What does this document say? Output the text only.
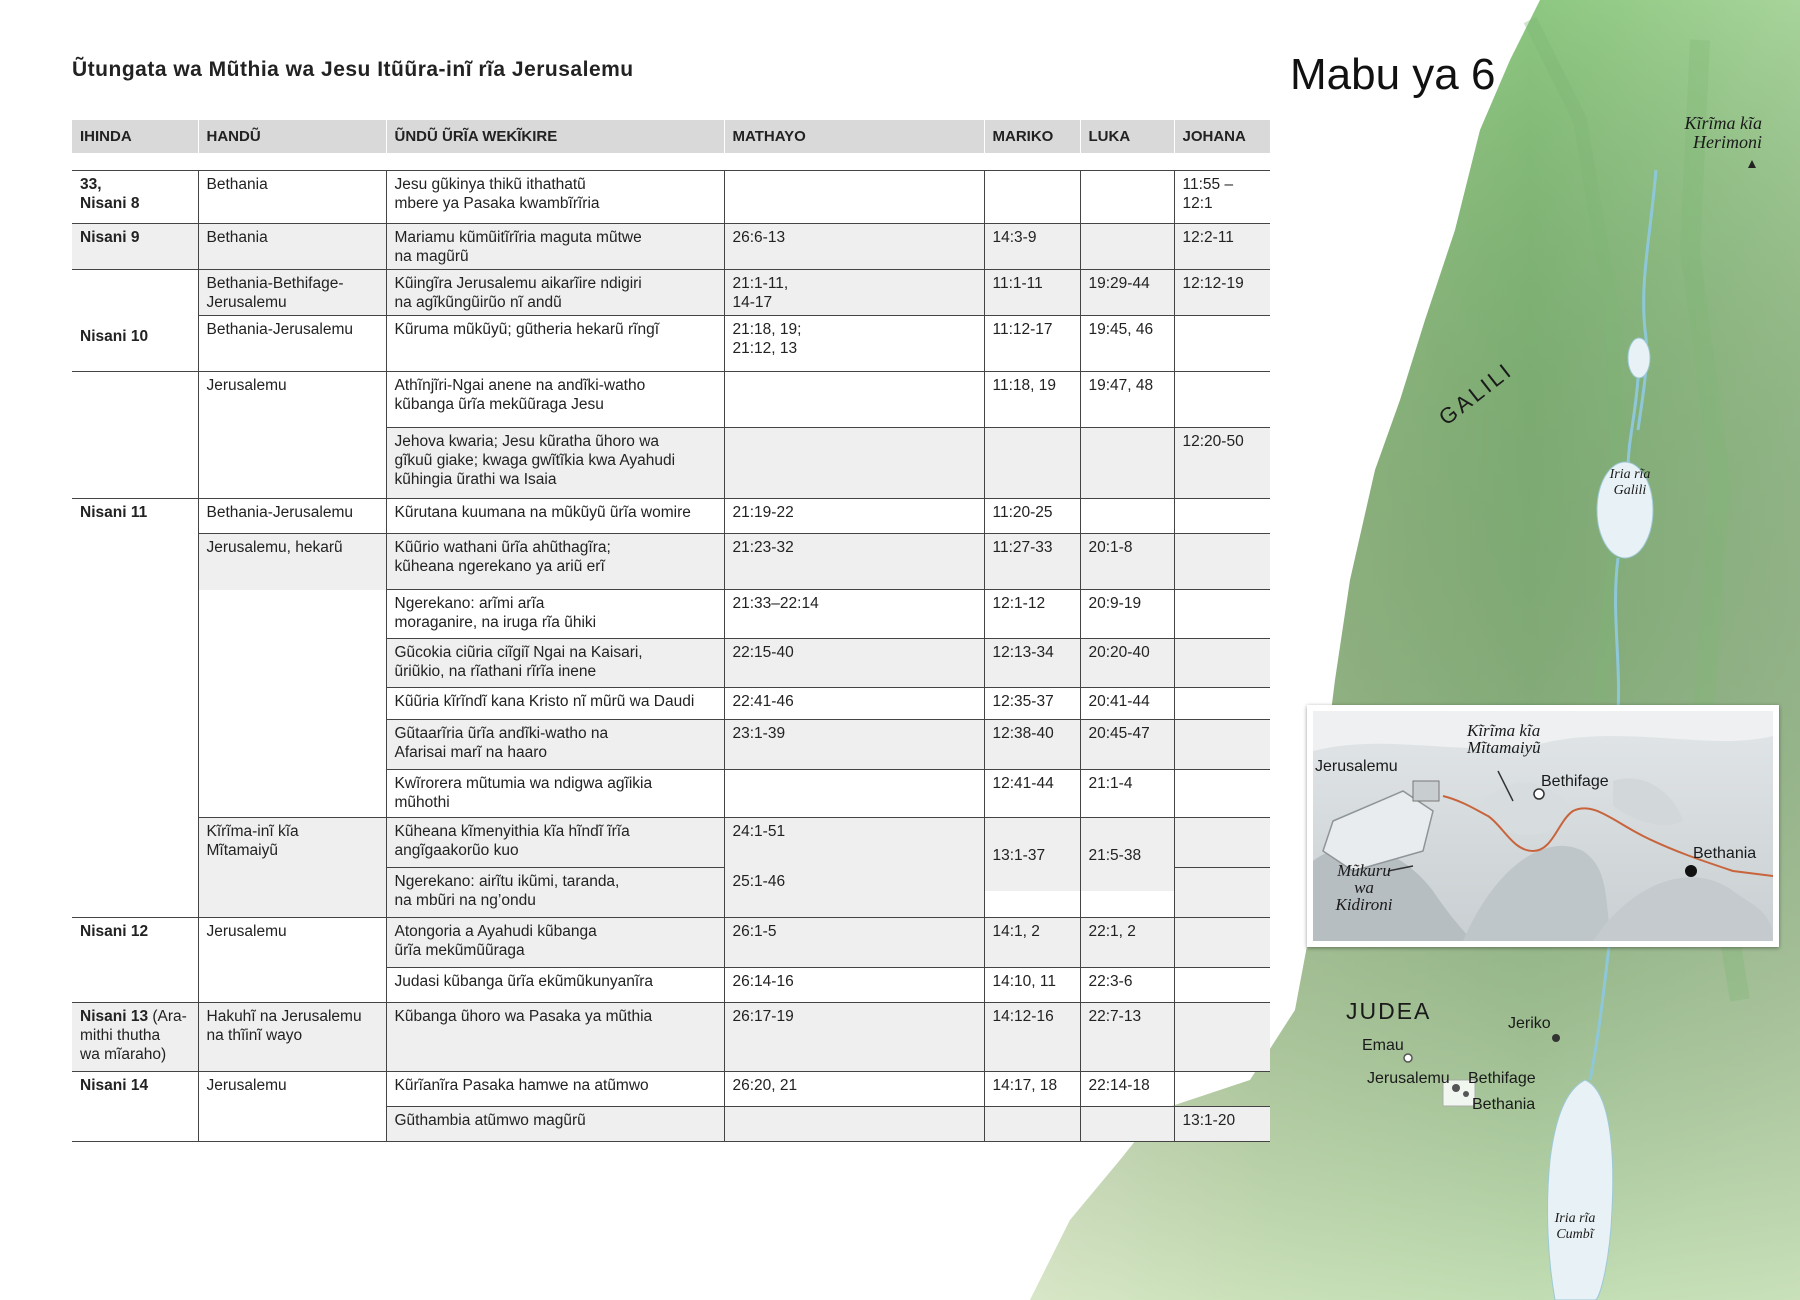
Ũtungata wa Mũthia wa Jesu Itũũra-inĩ rĩa Jerusalemu	Mabu ya 6
IHINDA	HANDŨ	ŨNDŨ ŨRĨA WEKĨKIRE	MATHAYO	MARIKO	LUKA	JOHANA

33,
Nisani 8	Bethania	Jesu gũkinya thikũ ithathatũ
mbere ya Pasaka kwambĩrĩria				11:55 –
12:1
Nisani 9	Bethania	Mariamu kũmũitĩrĩria maguta mũtwe
na magũrũ	26:6-13	14:3-9		12:2-11
	Bethania-Bethifage-
Jerusalemu	Kũingĩra Jerusalemu aikarĩire ndigiri
na agĩkũngũirũo nĩ andũ	21:1-11,
14-17	11:1-11	19:29-44	12:12-19
Nisani 10	Bethania-Jerusalemu	Kũruma mũkũyũ; gũtheria hekarũ rĩngĩ	21:18, 19;
21:12, 13	11:12-17	19:45, 46	
	Jerusalemu	Athĩnjĩri-Ngai anene na andĩki-watho
kũbanga ũrĩa mekũũraga Jesu		11:18, 19	19:47, 48	
		Jehova kwaria; Jesu kũratha ũhoro wa
gĩkuũ giake; kwaga gwĩtĩkia kwa Ayahudi
kũhingia ũrathi wa Isaia				12:20-50
Nisani 11	Bethania-Jerusalemu	Kũrutana kuumana na mũkũyũ ũrĩa womire	21:19-22	11:20-25		
	Jerusalemu, hekarũ	Kũũrio wathani ũrĩa ahũthagĩra;
kũheana ngerekano ya ariũ erĩ	21:23-32	11:27-33	20:1-8	
		Ngerekano: arĩmi arĩa
moraganire, na iruga rĩa ũhiki	21:33–22:14	12:1-12	20:9-19	
		Gũcokia ciũria ciĩgiĩ Ngai na Kaisari,
ũriũkio, na rĩathani rĩrĩa inene	22:15-40	12:13-34	20:20-40	
		Kũũria kĩrĩndĩ kana Kristo nĩ mũrũ wa Daudi	22:41-46	12:35-37	20:41-44	
		Gũtaarĩria ũrĩa andĩki-watho na
Afarisai marĩ na haaro	23:1-39	12:38-40	20:45-47	
		Kwĩrorera mũtumia wa ndigwa agĩikia
mũhothi		12:41-44	21:1-4	
	Kĩrĩma-inĩ kĩa
Mĩtamaiyũ	Kũheana kĩmenyithia kĩa hĩndĩ ĩrĩa
angĩgaakorũo kuo	24:1-51			
		Ngerekano: airĩtu ikũmi, taranda,
na mbũri na ng’ondu	25:1-46	13:1-37	21:5-38	
Nisani 12	Jerusalemu	Atongoria a Ayahudi kũbanga
ũrĩa mekũmũũraga	26:1-5	14:1, 2	22:1, 2	
		Judasi kũbanga ũrĩa ekũmũkunyanĩra	26:14-16	14:10, 11	22:3-6	
Nisani 13 (Ara-
mithi thutha
wa mĩaraho)	Hakuhĩ na Jerusalemu
na thĩinĩ wayo	Kũbanga ũhoro wa Pasaka ya mũthia	26:17-19	14:12-16	22:7-13	
Nisani 14	Jerusalemu	Kũrĩanĩra Pasaka hamwe na atũmwo	26:20, 21	14:17, 18	22:14-18	
		Gũthambia atũmwo magũrũ				13:1-20
Kĩrĩma kĩa
Herimoni
GALILI
Iria rĩa
Galili
JUDEA	Jeriko
Emau
Jerusalemu Bethifage
Bethania
Iria rĩa
Cumbĩ
Kĩrĩma kĩa
Mĩtamaiyũ
Jerusalemu
Bethifage
Bethania
Mũkuru
wa
Kidironi
